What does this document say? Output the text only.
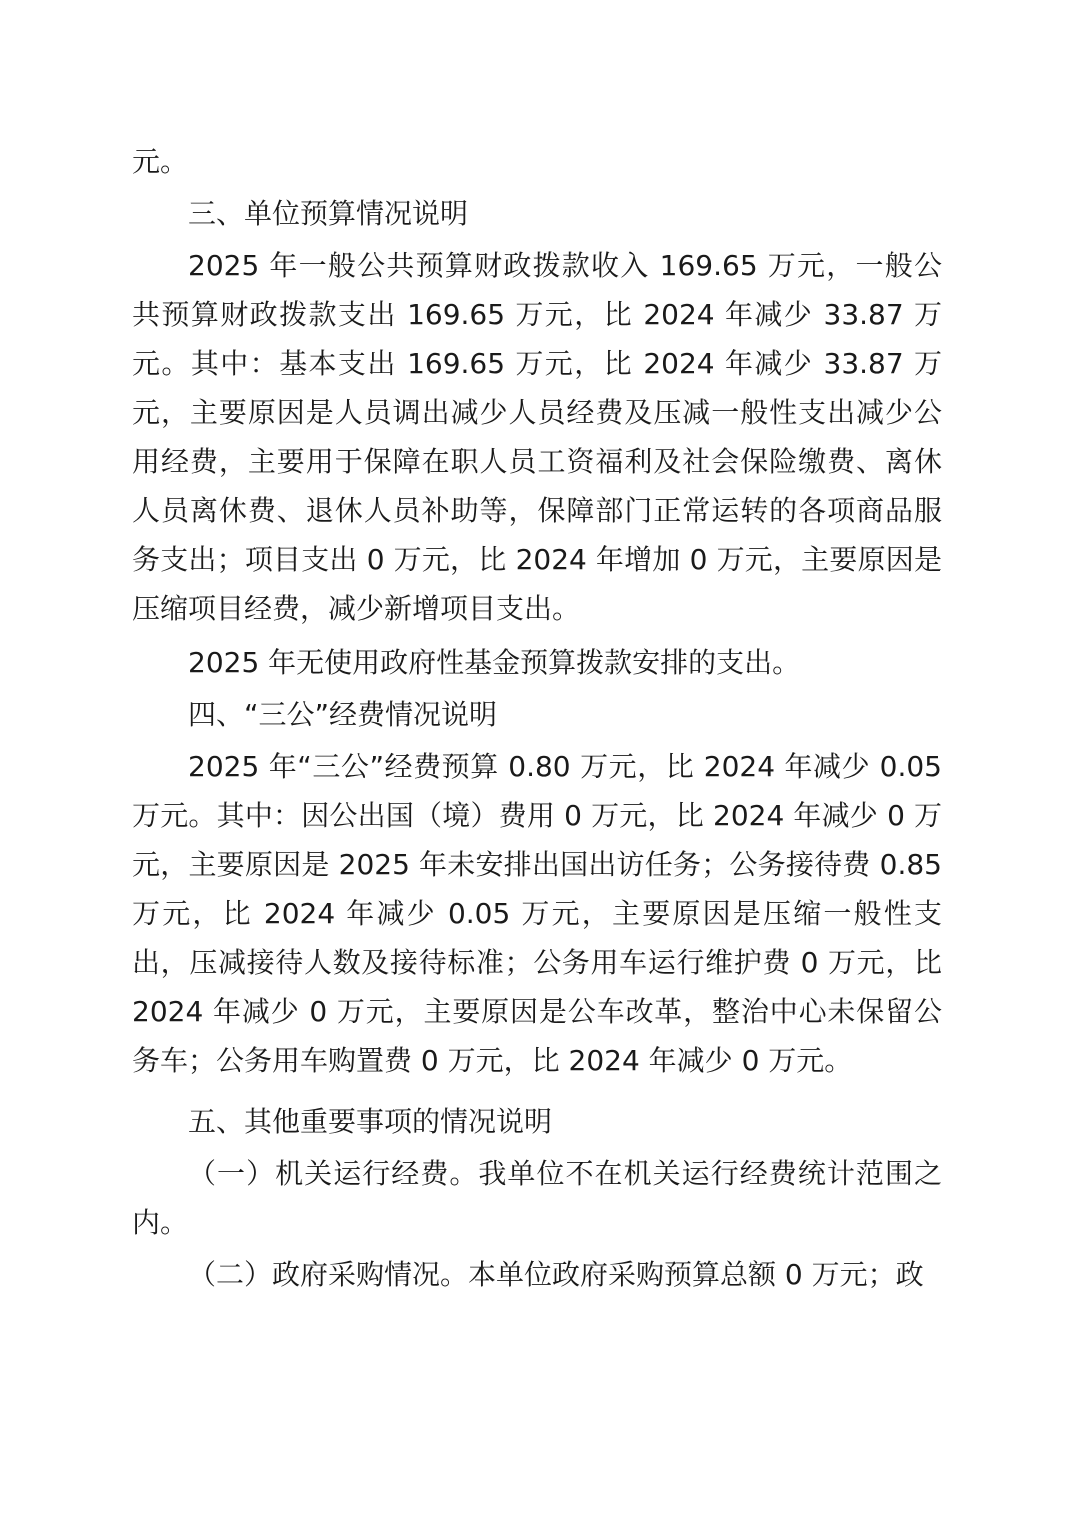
元。

三、单位预算情况说明

2025 年一般公共预算财政拨款收入 169.65 万元，一般公共预算财政拨款支出 169.65 万元，比 2024 年减少 33.87 万元。其中：基本支出 169.65 万元，比 2024 年减少 33.87 万元，主要原因是人员调出减少人员经费及压减一般性支出减少公用经费，主要用于保障在职人员工资福利及社会保险缴费、离休人员离休费、退休人员补助等，保障部门正常运转的各项商品服务支出；项目支出 0 万元，比 2024 年增加 0 万元，主要原因是压缩项目经费，减少新增项目支出。

2025 年无使用政府性基金预算拨款安排的支出。

四、“三公”经费情况说明

2025 年“三公”经费预算 0.80 万元，比 2024 年减少 0.05 万元。其中：因公出国（境）费用 0 万元，比 2024 年减少 0 万元，主要原因是 2025 年未安排出国出访任务；公务接待费 0.85 万元，比 2024 年减少 0.05 万元，主要原因是压缩一般性支出，压减接待人数及接待标准；公务用车运行维护费 0 万元，比 2024 年减少 0 万元，主要原因是公车改革，整治中心未保留公务车；公务用车购置费 0 万元，比 2024 年减少 0 万元。

五、其他重要事项的情况说明

（一）机关运行经费。我单位不在机关运行经费统计范围之内。

（二）政府采购情况。本单位政府采购预算总额 0 万元；政
